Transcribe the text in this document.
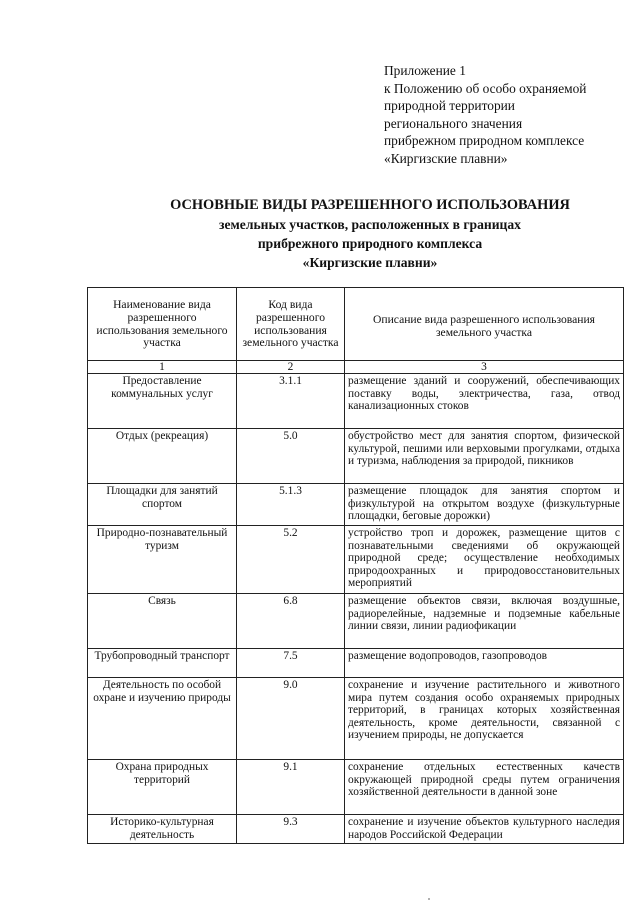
Приложение 1
к Положению об особо охраняемой
природной территории
регионального значения
прибрежном природном комплексе
«Киргизские плавни»
ОСНОВНЫЕ ВИДЫ РАЗРЕШЕННОГО ИСПОЛЬЗОВАНИЯ
земельных участков, расположенных в границах
прибрежного природного комплекса
«Киргизские плавни»
Наименование вида разрешенного использования земельного участка	Код вида разрешенного использования земельного участка	Описание вида разрешенного использования земельного участка
1	2	3
Предоставление коммунальных услуг	3.1.1	размещение зданий и сооружений, обеспечивающих поставку воды, электричества, газа, отвод канализационных стоков
Отдых (рекреация)	5.0	обустройство мест для занятия спортом, физической культурой, пешими или верховыми прогулками, отдыха и туризма, наблюдения за природой, пикников
Площадки для занятий спортом	5.1.3	размещение площадок для занятия спортом и физкультурой на открытом воздухе (физкультурные площадки, беговые дорожки)
Природно-познавательный туризм	5.2	устройство троп и дорожек, размещение щитов с познавательными сведениями об окружающей природной среде; осуществление необходимых природоохранных и природовосстановительных мероприятий
Связь	6.8	размещение объектов связи, включая воздушные, радиорелейные, надземные и подземные кабельные линии связи, линии радиофикации
Трубопроводный транспорт	7.5	размещение водопроводов, газопроводов
Деятельность по особой охране и изучению природы	9.0	сохранение и изучение растительного и животного мира путем создания особо охраняемых природных территорий, в границах которых хозяйственная деятельность, кроме деятельности, связанной с изучением природы, не допускается
Охрана природных территорий	9.1	сохранение отдельных естественных качеств окружающей природной среды путем ограничения хозяйственной деятельности в данной зоне
Историко-культурная деятельность	9.3	сохранение и изучение объектов культурного наследия народов Российской Федерации
